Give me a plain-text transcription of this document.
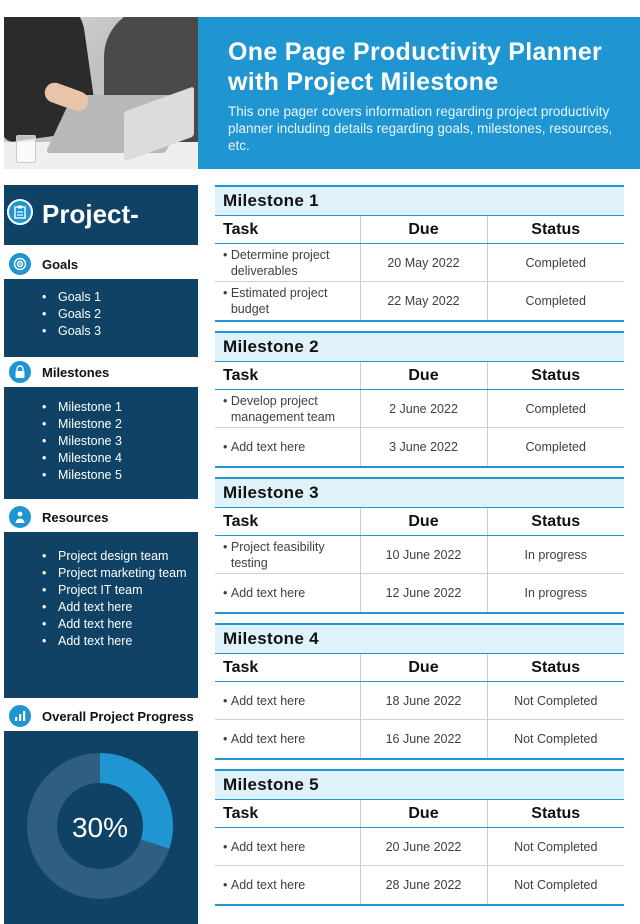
One Page Productivity Planner with Project Milestone

This one pager covers information regarding project productivity planner including details regarding goals, milestones, resources, etc.

Project-
Goals
• Goals 1
• Goals 2
• Goals 3
Milestones
• Milestone 1
• Milestone 2
• Milestone 3
• Milestone 4
• Milestone 5
Resources
• Project design team
• Project marketing team
• Project IT team
• Add text here
• Add text here
• Add text here
Overall Project Progress
30%
Milestone 1
Task	Due	Status
• Determine project deliverables	20 May 2022	Completed
• Estimated project budget	22 May 2022	Completed
Milestone 2
Task	Due	Status
• Develop project management team	2 June 2022	Completed
• Add text here	3 June 2022	Completed
Milestone 3
Task	Due	Status
• Project feasibility testing	10 June 2022	In progress
• Add text here	12 June 2022	In progress
Milestone 4
Task	Due	Status
• Add text here	18 June 2022	Not Completed
• Add text here	16 June 2022	Not Completed
Milestone 5
Task	Due	Status
• Add text here	20 June 2022	Not Completed
• Add text here	28 June 2022	Not Completed
